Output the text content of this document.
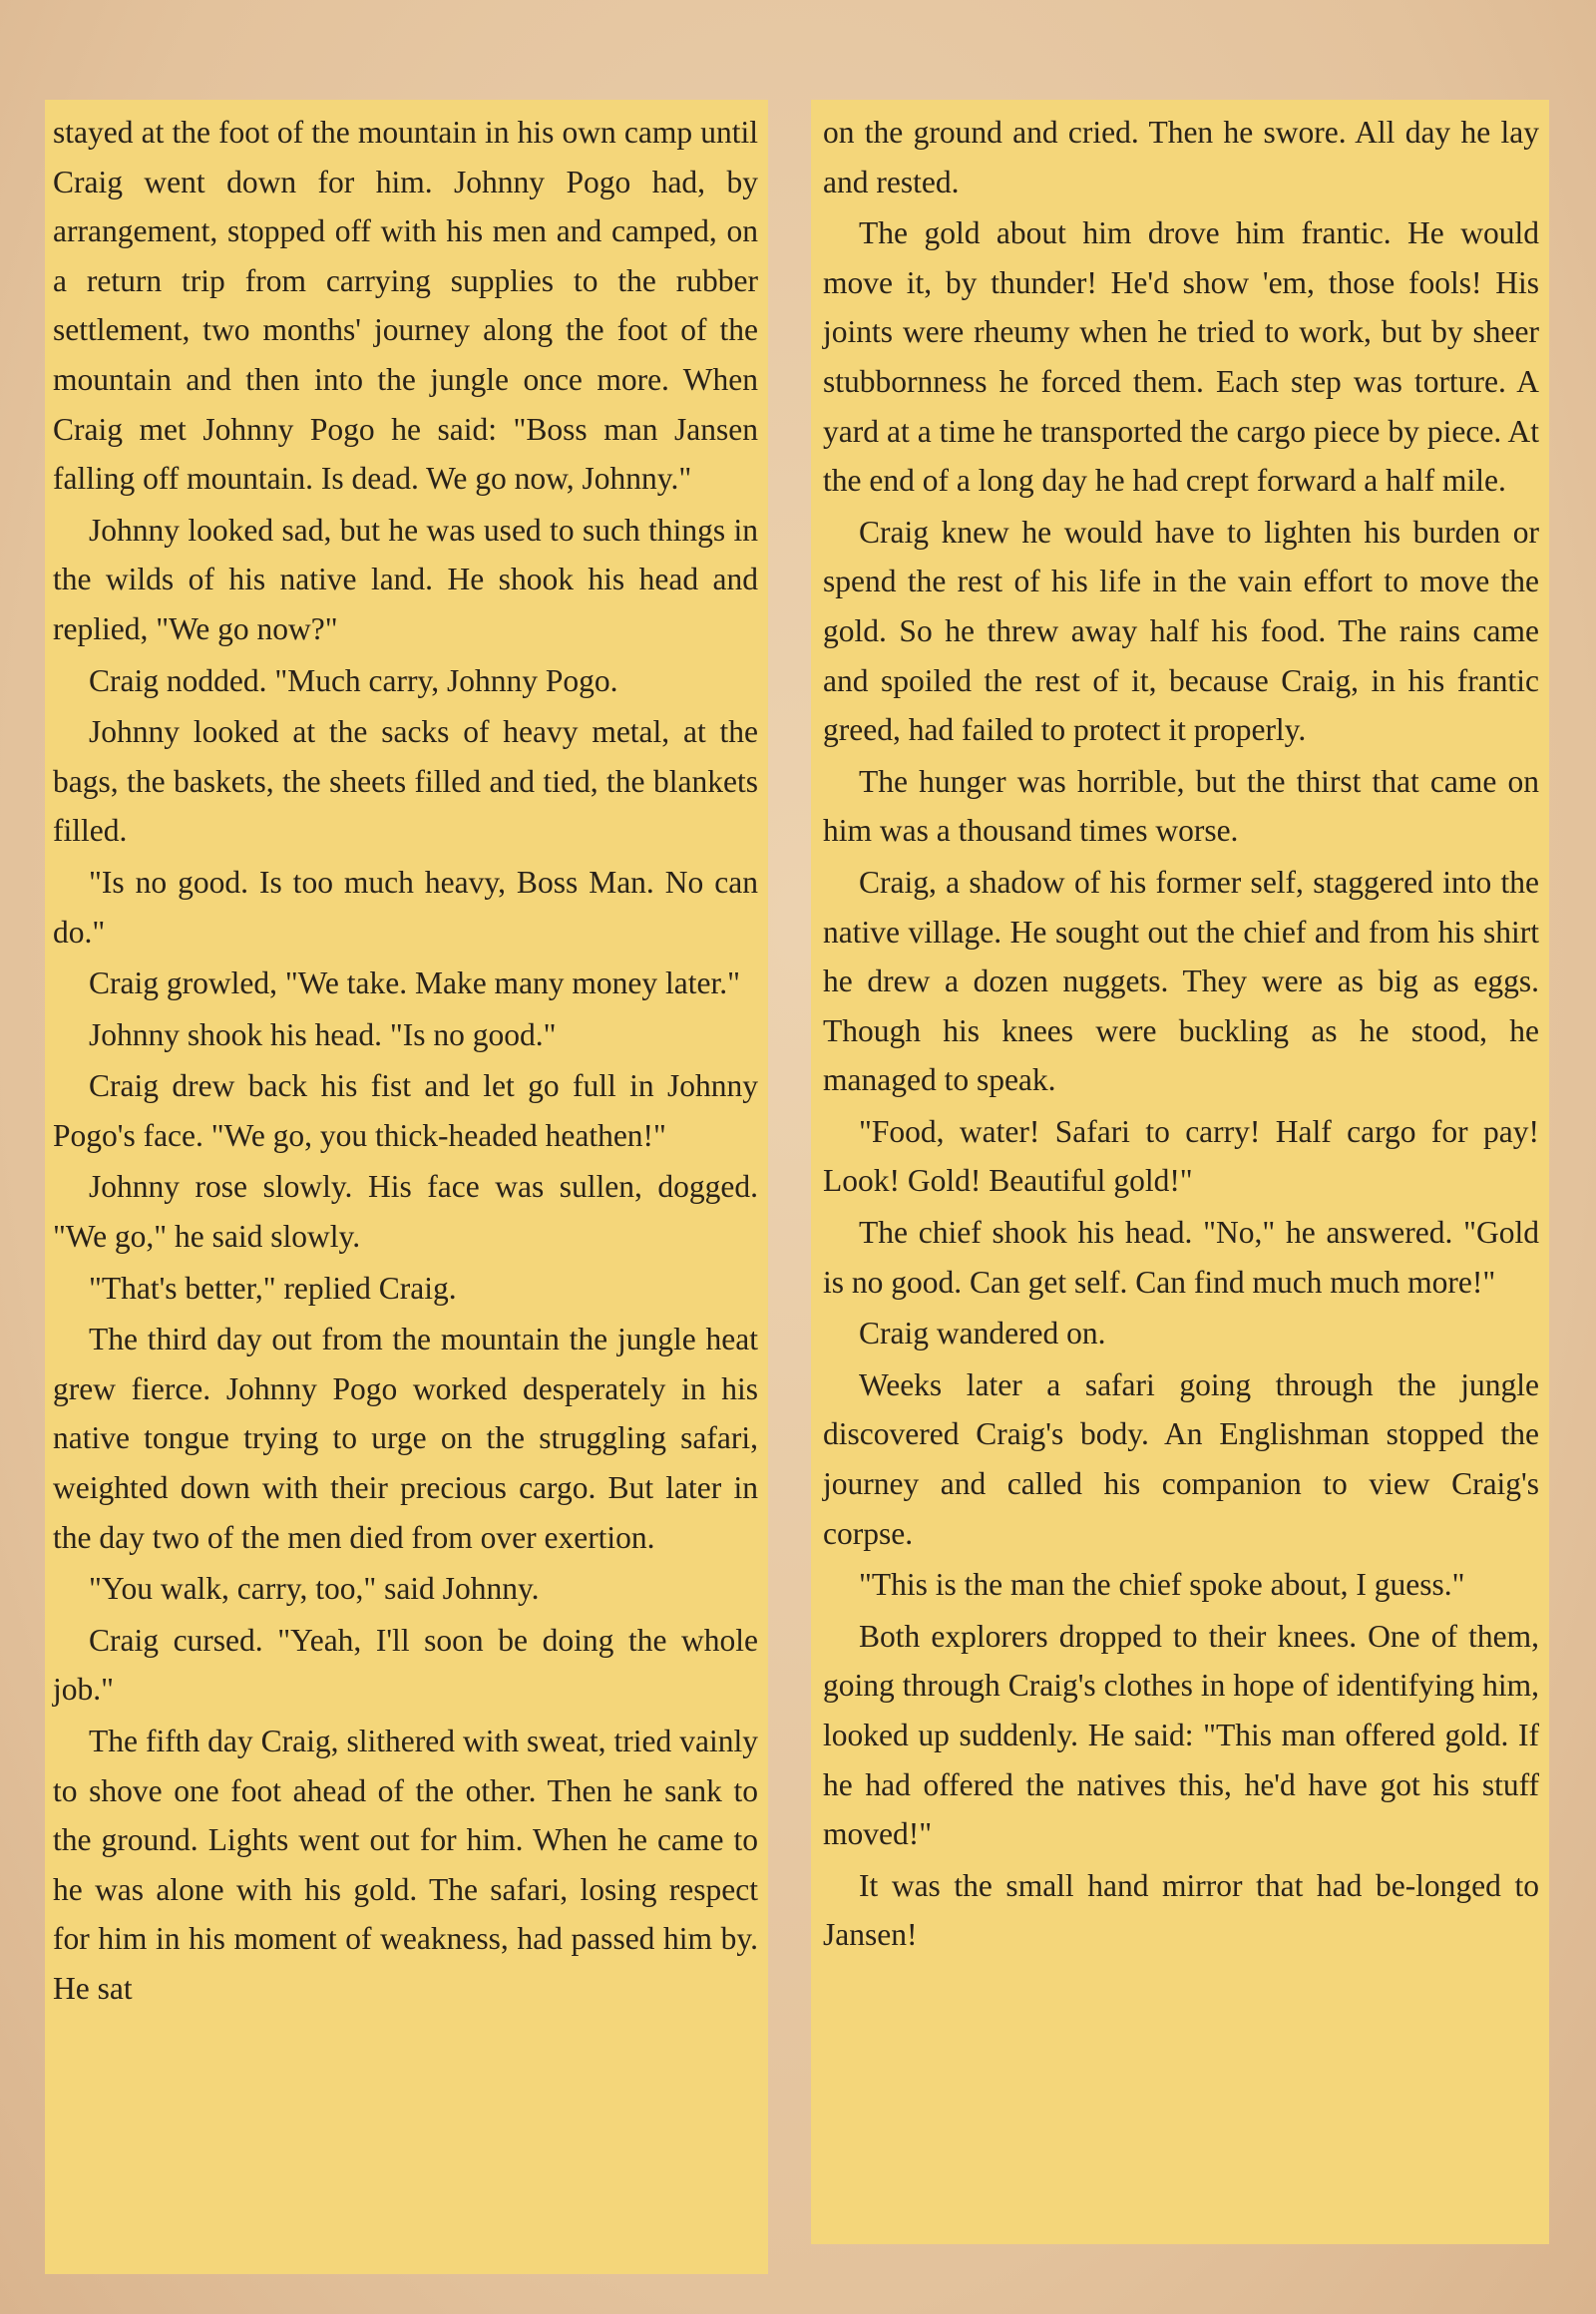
stayed at the foot of the mountain in his own camp until Craig went down for him. Johnny Pogo had, by arrangement, stopped off with his men and camped, on a return trip from carrying supplies to the rubber settlement, two months' journey along the foot of the mountain and then into the jungle once more. When Craig met Johnny Pogo he said: "Boss man Jansen falling off mountain. Is dead. We go now, Johnny."

Johnny looked sad, but he was used to such things in the wilds of his native land. He shook his head and replied, "We go now?"

Craig nodded. "Much carry, Johnny Pogo.

Johnny looked at the sacks of heavy metal, at the bags, the baskets, the sheets filled and tied, the blankets filled.

"Is no good. Is too much heavy, Boss Man. No can do."

Craig growled, "We take. Make many money later."

Johnny shook his head. "Is no good."

Craig drew back his fist and let go full in Johnny Pogo's face. "We go, you thick-headed heathen!"

Johnny rose slowly. His face was sullen, dogged. "We go," he said slowly.

"That's better," replied Craig.

The third day out from the mountain the jungle heat grew fierce. Johnny Pogo worked desperately in his native tongue trying to urge on the struggling safari, weighted down with their precious cargo. But later in the day two of the men died from over exertion.

"You walk, carry, too," said Johnny.

Craig cursed. "Yeah, I'll soon be doing the whole job."

The fifth day Craig, slithered with sweat, tried vainly to shove one foot ahead of the other. Then he sank to the ground. Lights went out for him. When he came to he was alone with his gold. The safari, losing respect for him in his moment of weakness, had passed him by. He sat

on the ground and cried. Then he swore. All day he lay and rested.

The gold about him drove him frantic. He would move it, by thunder! He'd show 'em, those fools! His joints were rheumy when he tried to work, but by sheer stubbornness he forced them. Each step was torture. A yard at a time he transported the cargo piece by piece. At the end of a long day he had crept forward a half mile.

Craig knew he would have to lighten his burden or spend the rest of his life in the vain effort to move the gold. So he threw away half his food. The rains came and spoiled the rest of it, because Craig, in his frantic greed, had failed to protect it properly.

The hunger was horrible, but the thirst that came on him was a thousand times worse.

Craig, a shadow of his former self, staggered into the native village. He sought out the chief and from his shirt he drew a dozen nuggets. They were as big as eggs. Though his knees were buckling as he stood, he managed to speak.

"Food, water! Safari to carry! Half cargo for pay! Look! Gold! Beautiful gold!"

The chief shook his head. "No," he answered. "Gold is no good. Can get self. Can find much much more!"

Craig wandered on.

Weeks later a safari going through the jungle discovered Craig's body. An Englishman stopped the journey and called his companion to view Craig's corpse.

"This is the man the chief spoke about, I guess."

Both explorers dropped to their knees. One of them, going through Craig's clothes in hope of identifying him, looked up suddenly. He said: "This man offered gold. If he had offered the natives this, he'd have got his stuff moved!"

It was the small hand mirror that had be-longed to Jansen!
